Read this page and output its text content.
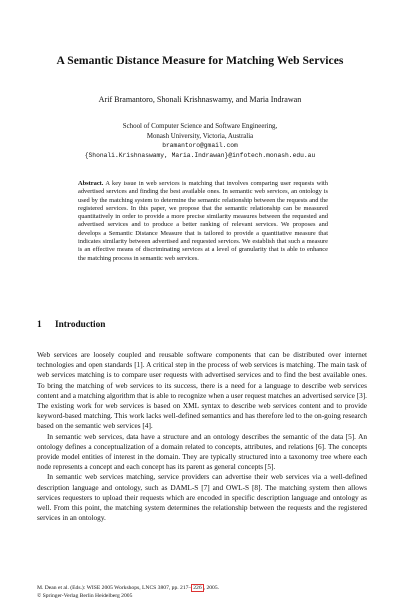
A Semantic Distance Measure for Matching Web Services
Arif Bramantoro, Shonali Krishnaswamy, and Maria Indrawan
School of Computer Science and Software Engineering,
Monash University, Victoria, Australia
bramantoro@gmail.com
{Shonali.Krishnaswamy, Maria.Indrawan}@infotech.monash.edu.au
Abstract. A key issue in web services is matching that involves comparing user requests with advertised services and finding the best available ones. In semantic web services, an ontology is used by the matching system to determine the semantic relationship between the requests and the registered services. In this paper, we propose that the semantic relationship can be measured quantitatively in order to provide a more precise similarity measures between the requested and advertised services and to produce a better ranking of relevant services. We proposes and develops a Semantic Distance Measure that is tailored to provide a quantitative measure that indicates similarity between advertised and requested services. We establish that such a measure is an effective means of discriminating services at a level of granularity that is able to enhance the matching process in semantic web services.
1 Introduction

Web services are loosely coupled and reusable software components that can be distributed over internet technologies and open standards [1]. A critical step in the process of web services is matching. The main task of web services matching is to compare user requests with advertised services and to find the best available ones. To bring the matching of web services to its success, there is a need for a language to describe web services content and a matching algorithm that is able to recognize when a user request matches an advertised service [3]. The existing work for web services is based on XML syntax to describe web services content and to provide keyword-based matching. This work lacks well-defined semantics and has therefore led to the on-going research based on the semantic web services [4].

In semantic web services, data have a structure and an ontology describes the semantic of the data [5]. An ontology defines a conceptualization of a domain related to concepts, attributes, and relations [6]. The concepts provide model entities of interest in the domain. They are typically structured into a taxonomy tree where each node represents a concept and each concept has its parent as general concepts [5].

In semantic web services matching, service providers can advertise their web services via a well-defined description language and ontology, such as DAML-S [7] and OWL-S [8]. The matching system then allows services requesters to upload their requests which are encoded in specific description language and ontology as well. From this point, the matching system determines the relationship between the requests and the registered services in an ontology.

M. Dean et al. (Eds.): WISE 2005 Workshops, LNCS 3807, pp. 217– 226 , 2005.
© Springer-Verlag Berlin Heidelberg 2005
